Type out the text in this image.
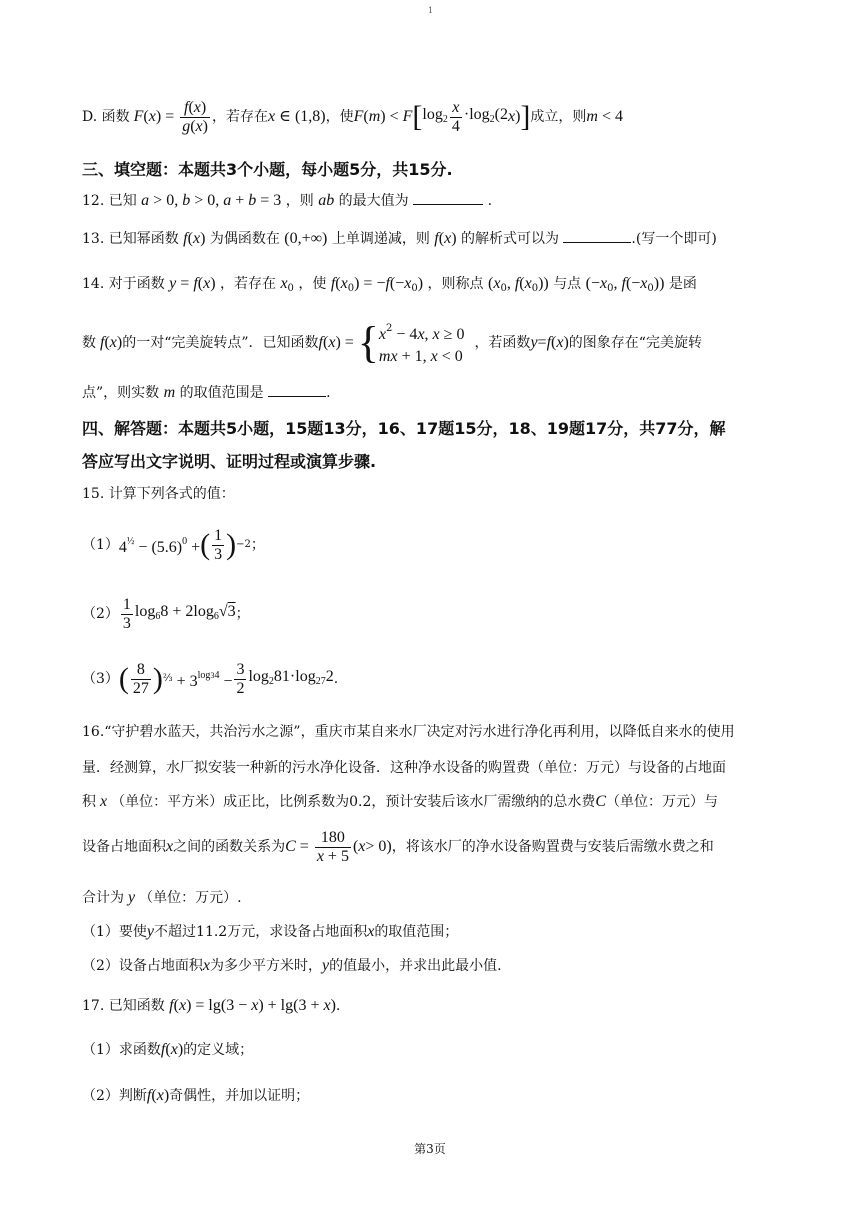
1
D. 函数 F ( x ) = $\frac{f(x)}{g(x)}$ ，若存在 x ∈ (1,8) ，使 F ( m ) < F [ $\log_2 \frac{x}{4} \cdot\log_2(2$ x ) ] 成立，则 m < 4
三、填空题：本题共3个小题，每小题5分，共15分.
12. 已知 a > 0, b > 0, a + b = 3 ，则 ab 的最大值为	.
13. 已知幂函数 f(x) 为偶函数在 (0,+∞) 上单调递减，则 f(x) 的解析式可以为	.(写一个即可)
14. 对于函数 y = f(x) ，若存在 $x_0$ ，使 $f(x_0) = -f(-x_0)$ ，则称点 ($x_0$, $f(x_0)$) 与点 ($-x_0$, $f(-x_0)$) 是函
数 f ( x ) 的一对“完美旋转点”．已知函数 f ( x ) = { $x^2 - 4x$, x ≥ 0
mx + 1, x < 0
，若函数 y = f ( x ) 的图象存在“完美旋转
点”，则实数 m 的取值范围是	.
四、解答题：本题共5小题，15题13分，16、17题15分，18、19题17分，共77分，解
答应写出文字说明、证明过程或演算步骤.
15. 计算下列各式的值：
（1） $4^{\frac{1}{2}} - (5.6)^0$ + ( $\frac{1}{3}$ ) −2 ；
$(2) \frac{1}{3} \log_68 + 2\log_6√3$ ；
（3） ( $\frac{8}{27}$ ) ⅔ + $3^{log34} - \frac{3}{2} \log_281\cdot\log_{27}2$ .
16.“守护碧水蓝天，共治污水之源”，重庆市某自来水厂决定对污水进行净化再利用，以降低自来水的使用
量．经测算，水厂拟安装一种新的污水净化设备．这种净水设备的购置费（单位：万元）与设备的占地面
积 x （单位：平方米）成正比，比例系数为0.2，预计安装后该水厂需缴纳的总水费C（单位：万元）与
设备占地面积 x 之间的函数关系为 $C = \frac{180}{x + 5}$ ( x > 0) ，将该水厂的净水设备购置费与安装后需缴水费之和
合计为 y （单位：万元）.
（1）要使y不超过11.2万元，求设备占地面积x的取值范围；
（2）设备占地面积x为多少平方米时，y的值最小，并求出此最小值.
17. 已知函数 f(x) = lg(3 − x) + lg(3 + x).
（1）求函数f(x)的定义域；
（2）判断f(x)奇偶性，并加以证明；
第3页
